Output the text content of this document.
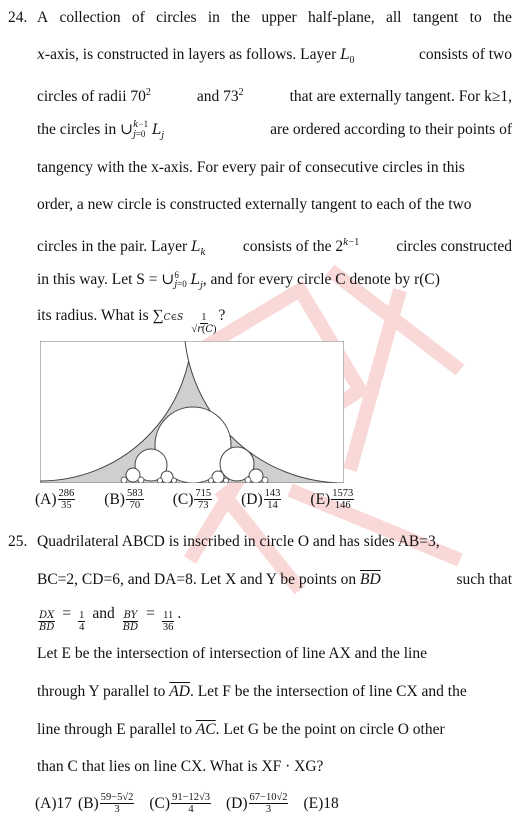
24. A collection of circles in the upper half-plane, all tangent to the
x-axis, is constructed in layers as follows. Layer $L_0$	consists of two
circles of radii $70^2$	and $73^2$	that are externally tangent. For k≥1,
the circles in ∪ k−1
j=0 $L_j$	are ordered according to their points of
tangency with the x-axis. For every pair of consecutive circles in this
order, a new circle is constructed externally tangent to each of the two
circles in the pair. Layer $L_k$ consists of the $2^{k-1}$ circles constructed
in this way. Let S = ∪ 6
j=0 $L_j$, and for every circle C denote by r(C)
its radius. What is ∑C∈S $\frac{1}{√r(C)}$ ?
$(A) \frac{286}{35} (B) \frac{583}{70} (C) \frac{715}{73} (D) \frac{143}{14} (E) \frac{1573}{146}$
25. Quadrilateral ABCD is inscribed in circle O and has sides AB=3,
BC=2, CD=6, and DA=8. Let X and Y be points on $\overline{BD}$	such that
$\frac{DX}{BD} = \frac{1}{4}$ and $\frac{BY}{BD} = \frac{11}{36}$ .
Let E be the intersection of intersection of line AX and the line
through Y parallel to $\overline{AD}$. Let F be the intersection of line CX and the
line through E parallel to $\overline{AC}$. Let G be the point on circle O other
than C that lies on line CX. What is XF · XG?
(A)17 $(B) \frac{59-5√2}{3} (C) \frac{91-12√3}{4} (D) \frac{67-10√2}{3} (E)18$
